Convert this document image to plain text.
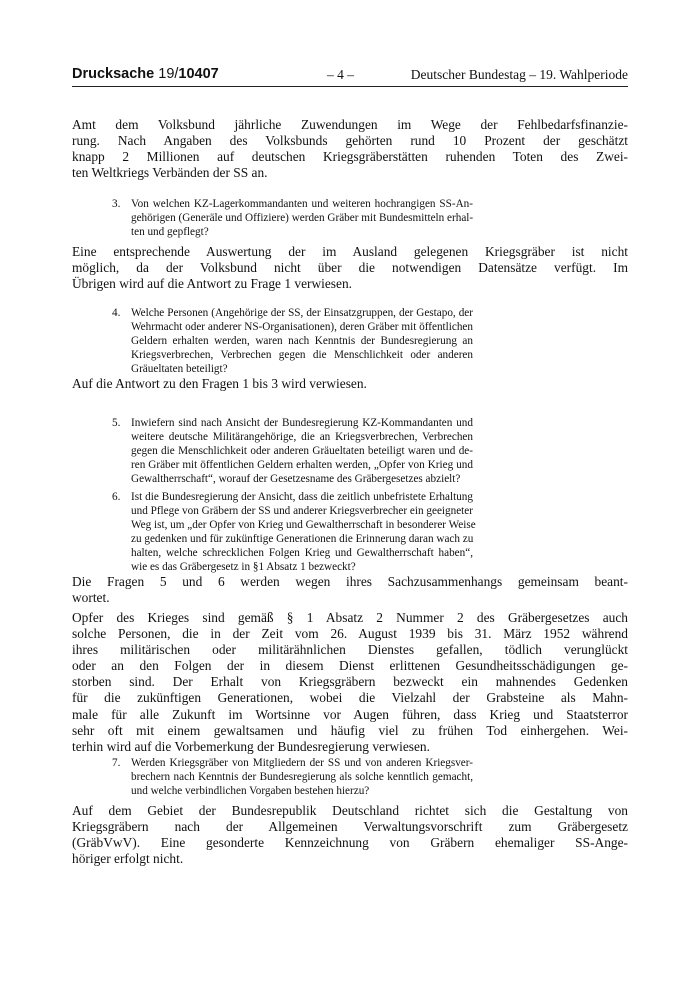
Drucksache 19/10407	– 4 –	Deutscher Bundestag – 19. Wahlperiode
Amt dem Volksbund jährliche Zuwendungen im Wege der Fehlbedarfsfinanzie-
rung. Nach Angaben des Volksbunds gehörten rund 10 Prozent der geschätzt
knapp 2 Millionen auf deutschen Kriegsgräberstätten ruhenden Toten des Zwei-
ten Weltkriegs Verbänden der SS an.
3. Von welchen KZ-Lagerkommandanten und weiteren hochrangigen SS-An-
gehörigen (Generäle und Offiziere) werden Gräber mit Bundesmitteln erhal-
ten und gepflegt?
Eine entsprechende Auswertung der im Ausland gelegenen Kriegsgräber ist nicht
möglich, da der Volksbund nicht über die notwendigen Datensätze verfügt. Im
Übrigen wird auf die Antwort zu Frage 1 verwiesen.
4. Welche Personen (Angehörige der SS, der Einsatzgruppen, der Gestapo, der
Wehrmacht oder anderer NS-Organisationen), deren Gräber mit öffentlichen
Geldern erhalten werden, waren nach Kenntnis der Bundesregierung an
Kriegsverbrechen, Verbrechen gegen die Menschlichkeit oder anderen
Gräueltaten beteiligt?
Auf die Antwort zu den Fragen 1 bis 3 wird verwiesen.
5. Inwiefern sind nach Ansicht der Bundesregierung KZ-Kommandanten und
weitere deutsche Militärangehörige, die an Kriegsverbrechen, Verbrechen
gegen die Menschlichkeit oder anderen Gräueltaten beteiligt waren und de-
ren Gräber mit öffentlichen Geldern erhalten werden, „Opfer von Krieg und
Gewaltherrschaft“, worauf der Gesetzesname des Gräbergesetzes abzielt?
6. Ist die Bundesregierung der Ansicht, dass die zeitlich unbefristete Erhaltung
und Pflege von Gräbern der SS und anderer Kriegsverbrecher ein geeigneter
Weg ist, um „der Opfer von Krieg und Gewaltherrschaft in besonderer Weise
zu gedenken und für zukünftige Generationen die Erinnerung daran wach zu
halten, welche schrecklichen Folgen Krieg und Gewaltherrschaft haben“,
wie es das Gräbergesetz in §1 Absatz 1 bezweckt?
Die Fragen 5 und 6 werden wegen ihres Sachzusammenhangs gemeinsam beant-
wortet.
Opfer des Krieges sind gemäß § 1 Absatz 2 Nummer 2 des Gräbergesetzes auch
solche Personen, die in der Zeit vom 26. August 1939 bis 31. März 1952 während
ihres militärischen oder militärähnlichen Dienstes gefallen, tödlich verunglückt
oder an den Folgen der in diesem Dienst erlittenen Gesundheitsschädigungen ge-
storben sind. Der Erhalt von Kriegsgräbern bezweckt ein mahnendes Gedenken
für die zukünftigen Generationen, wobei die Vielzahl der Grabsteine als Mahn-
male für alle Zukunft im Wortsinne vor Augen führen, dass Krieg und Staatsterror
sehr oft mit einem gewaltsamen und häufig viel zu frühen Tod einhergehen. Wei-
terhin wird auf die Vorbemerkung der Bundesregierung verwiesen.
7. Werden Kriegsgräber von Mitgliedern der SS und von anderen Kriegsver-
brechern nach Kenntnis der Bundesregierung als solche kenntlich gemacht,
und welche verbindlichen Vorgaben bestehen hierzu?
Auf dem Gebiet der Bundesrepublik Deutschland richtet sich die Gestaltung von
Kriegsgräbern nach der Allgemeinen Verwaltungsvorschrift zum Gräbergesetz
(GräbVwV). Eine gesonderte Kennzeichnung von Gräbern ehemaliger SS-Ange-
höriger erfolgt nicht.
